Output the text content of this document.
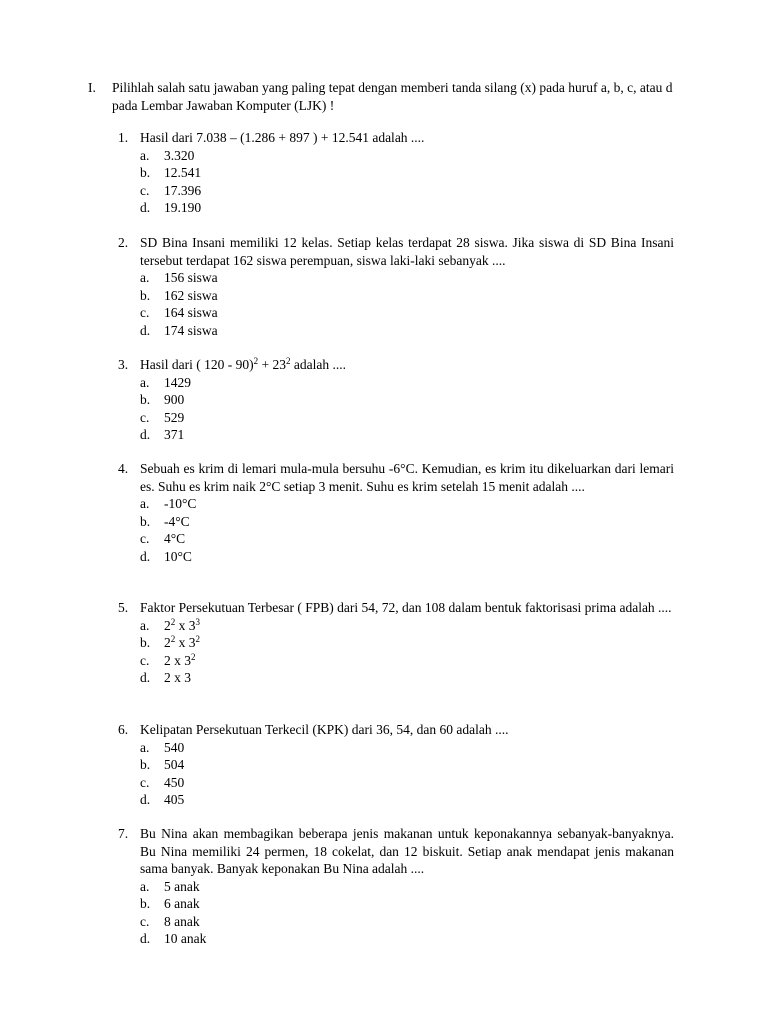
I. Pilihlah salah satu jawaban yang paling tepat dengan memberi tanda silang (x) pada huruf a, b, c, atau d pada Lembar Jawaban Komputer (LJK) !
1. Hasil dari 7.038 – (1.286 + 897 ) + 12.541 adalah ....
a.	3.320
b.	12.541
c.	17.396
d.	19.190
2. SD Bina Insani memiliki 12 kelas. Setiap kelas terdapat 28 siswa. Jika siswa di SD Bina Insani tersebut terdapat 162 siswa perempuan, siswa laki-laki sebanyak ....
a.	156 siswa
b.	162 siswa
c.	164 siswa
d.	174 siswa
3. Hasil dari ( $120 - 90)^2 + 23^2$ adalah ....
a.	1429
b.	900
c.	529
d.	371
4. Sebuah es krim di lemari mula-mula bersuhu -6°C. Kemudian, es krim itu dikeluarkan dari lemari es. Suhu es krim naik 2°C setiap 3 menit. Suhu es krim setelah 15 menit adalah ....
a.	-10°C
b.	-4°C
c.	4°C
d.	10°C
5. Faktor Persekutuan Terbesar ( FPB) dari 54, 72, dan 108 dalam bentuk faktorisasi prima adalah ....
a.	$2^2$ x $3^3$
b.	$2^2$ x $3^2$
c.	2 x $3^2$
d.	2 x 3
6. Kelipatan Persekutuan Terkecil (KPK) dari 36, 54, dan 60 adalah ....
a.	540
b.	504
c.	450
d.	405
7. Bu Nina akan membagikan beberapa jenis makanan untuk keponakannya sebanyak-banyaknya. Bu Nina memiliki 24 permen, 18 cokelat, dan 12 biskuit. Setiap anak mendapat jenis makanan sama banyak. Banyak keponakan Bu Nina adalah ....
a.	5 anak
b.	6 anak
c.	8 anak
d.	10 anak
